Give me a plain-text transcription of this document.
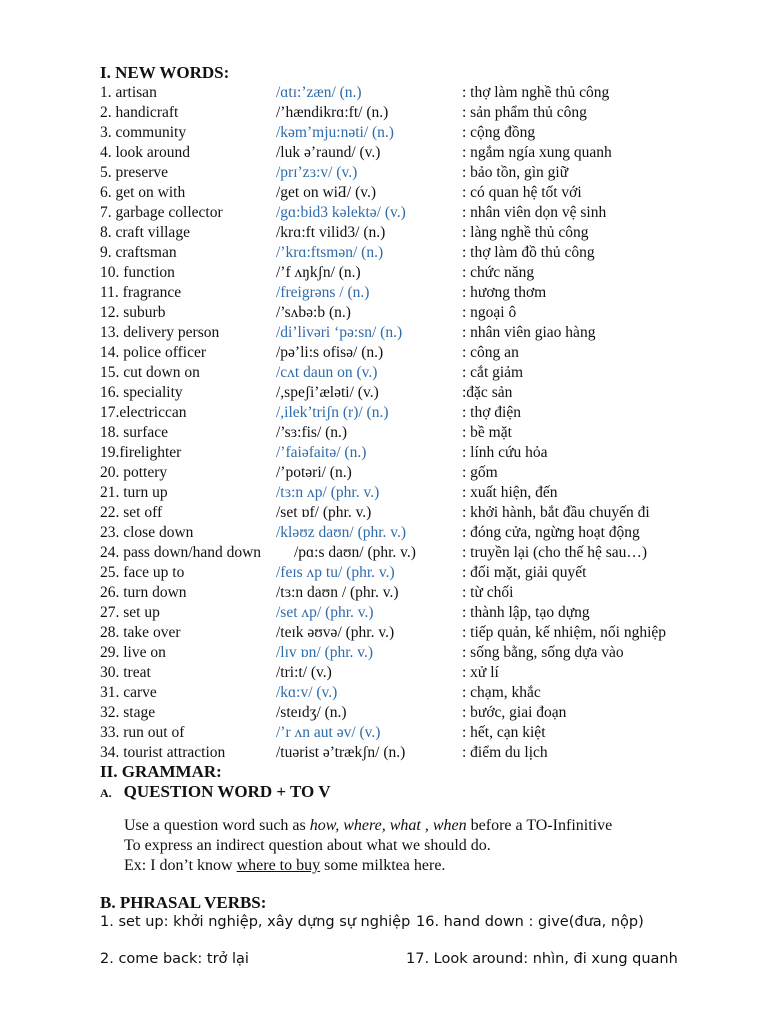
I. NEW WORDS:
1. artisan	/ɑtɪ:’zæn/ (n.)	: thợ làm nghề thủ công
2. handicraft	/’hændikrɑ:ft/ (n.)	: sản phẩm thủ công
3. community	/kəm’mju:nəti/ (n.)	: cộng đồng
4. look around	/luk ə’raund/ (v.)	: ngắm ngía xung quanh
5. preserve	/prɪ’zɜ:v/ (v.)	: bảo tồn, gìn giữ
6. get on with	/get on wiƋ/ (v.)	: có quan hệ tốt với
7. garbage collector	/gɑ:bid3 kəlektə/ (v.)	: nhân viên dọn vệ sinh
8. craft village	/krɑ:ft vilid3/ (n.)	: làng nghề thủ công
9. craftsman	/’krɑ:ftsmən/ (n.)	: thợ làm đồ thủ công
10. function	/’f ʌŋkʃn/ (n.)	: chức năng
11. fragrance	/freigrəns / (n.)	: hương thơm
12. suburb	/’sʌbə:b (n.)	: ngoại ô
13. delivery person	/di’livəri ‘pə:sn/ (n.)	: nhân viên giao hàng
14. police officer	/pə’li:s ofisə/ (n.)	: công an
15. cut down on	/cʌt daun on (v.)	: cắt giảm
16. speciality	/,speʃi’æləti/ (v.)	:đặc sản
17.electriccan	/,ilek’triʃn (r)/ (n.)	: thợ điện
18. surface	/’sɜ:fis/ (n.)	: bề mặt
19.firelighter	/’faiəfaitə/ (n.)	: lính cứu hỏa
20. pottery	/’potəri/ (n.)	: gốm
21. turn up	/tɜ:n ʌp/ (phr. v.)	: xuất hiện, đến
22. set off	/set ɒf/ (phr. v.)	: khởi hành, bắt đầu chuyến đi
23. close down	/kləʊz daʊn/ (phr. v.)	: đóng cửa, ngừng hoạt động
24. pass down/hand down /pɑ:s daʊn/ (phr. v.)	: truyền lại (cho thế hệ sau…)
25. face up to	/feɪs ʌp tu/ (phr. v.)	: đối mặt, giải quyết
26. turn down	/tɜ:n daʊn / (phr. v.)	: từ chối
27. set up	/set ʌp/ (phr. v.)	: thành lập, tạo dựng
28. take over	/teɪk əʊvə/ (phr. v.)	: tiếp quản, kế nhiệm, nối nghiệp
29. live on	/lɪv ɒn/ (phr. v.)	: sống bằng, sống dựa vào
30. treat	/tri:t/ (v.)	: xử lí
31. carve	/kɑ:v/ (v.)	: chạm, khắc
32. stage	/steɪdʒ/ (n.)	: bước, giai đoạn
33. run out of	/’r ʌn aut əv/ (v.)	: hết, cạn kiệt
34. tourist attraction	/tuərist ə’trækʃn/ (n.)	: điểm du lịch
II. GRAMMAR:
A. QUESTION WORD + TO V
Use a question word such as how, where, what , when before a TO-Infinitive
To express an indirect question about what we should do.
Ex: I don’t know where to buy some milktea here.
B. PHRASAL VERBS:
1. set up: khởi nghiệp, xây dựng sự nghiệp 16. hand down : give(đưa, nộp)
2. come back: trở lại	17. Look around: nhìn, đi xung quanh
